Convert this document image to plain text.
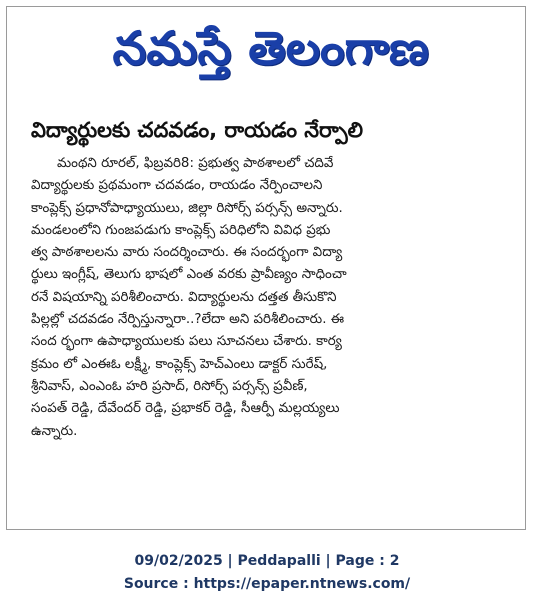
నమస్తే తెలంగాణ
విద్యార్థులకు చదవడం, రాయడం నేర్పాలి
మంథని రూరల్, ఫిబ్రవరి8: ప్రభుత్వ పాఠశాలలో చదివే
విద్యార్థులకు ప్రథమంగా చదవడం, రాయడం నేర్పించాలని
కాంప్లెక్స్ ప్రధానోపాధ్యాయులు, జిల్లా రిసోర్స్ పర్సన్స్ అన్నారు.
మండలంలోని గుంజపడుగు కాంప్లెక్స్ పరిధిలోని వివిధ ప్రభు
త్వ పాఠశాలలను వారు సందర్శించారు. ఈ సందర్భంగా విద్యా
ర్థులు ఇంగ్లీష్, తెలుగు భాషలో ఎంత వరకు ప్రావీణ్యం సాధించా
రనే విషయాన్ని పరిశీలించారు. విద్యార్థులను దత్తత తీసుకొని
పిల్లల్లో చదవడం నేర్పిస్తున్నారా..?లేదా అని పరిశీలించారు. ఈ
సంద ర్భంగా ఉపాధ్యాయులకు పలు సూచనలు చేశారు. కార్య
క్రమం లో ఎంఈఓ లక్ష్మీ, కాంప్లెక్స్ హెచ్ఎంలు డాక్టర్ సురేష్,
శ్రీనివాస్, ఎంఎంఓ హరి ప్రసాద్, రిసోర్స్ పర్సన్స్ ప్రవీణ్,
సంపత్ రెడ్డి, దేవేందర్ రెడ్డి, ప్రభాకర్ రెడ్డి, సీఆర్పీ మల్లయ్యలు
ఉన్నారు.
09/02/2025 | Peddapalli | Page : 2
Source : https://epaper.ntnews.com/
